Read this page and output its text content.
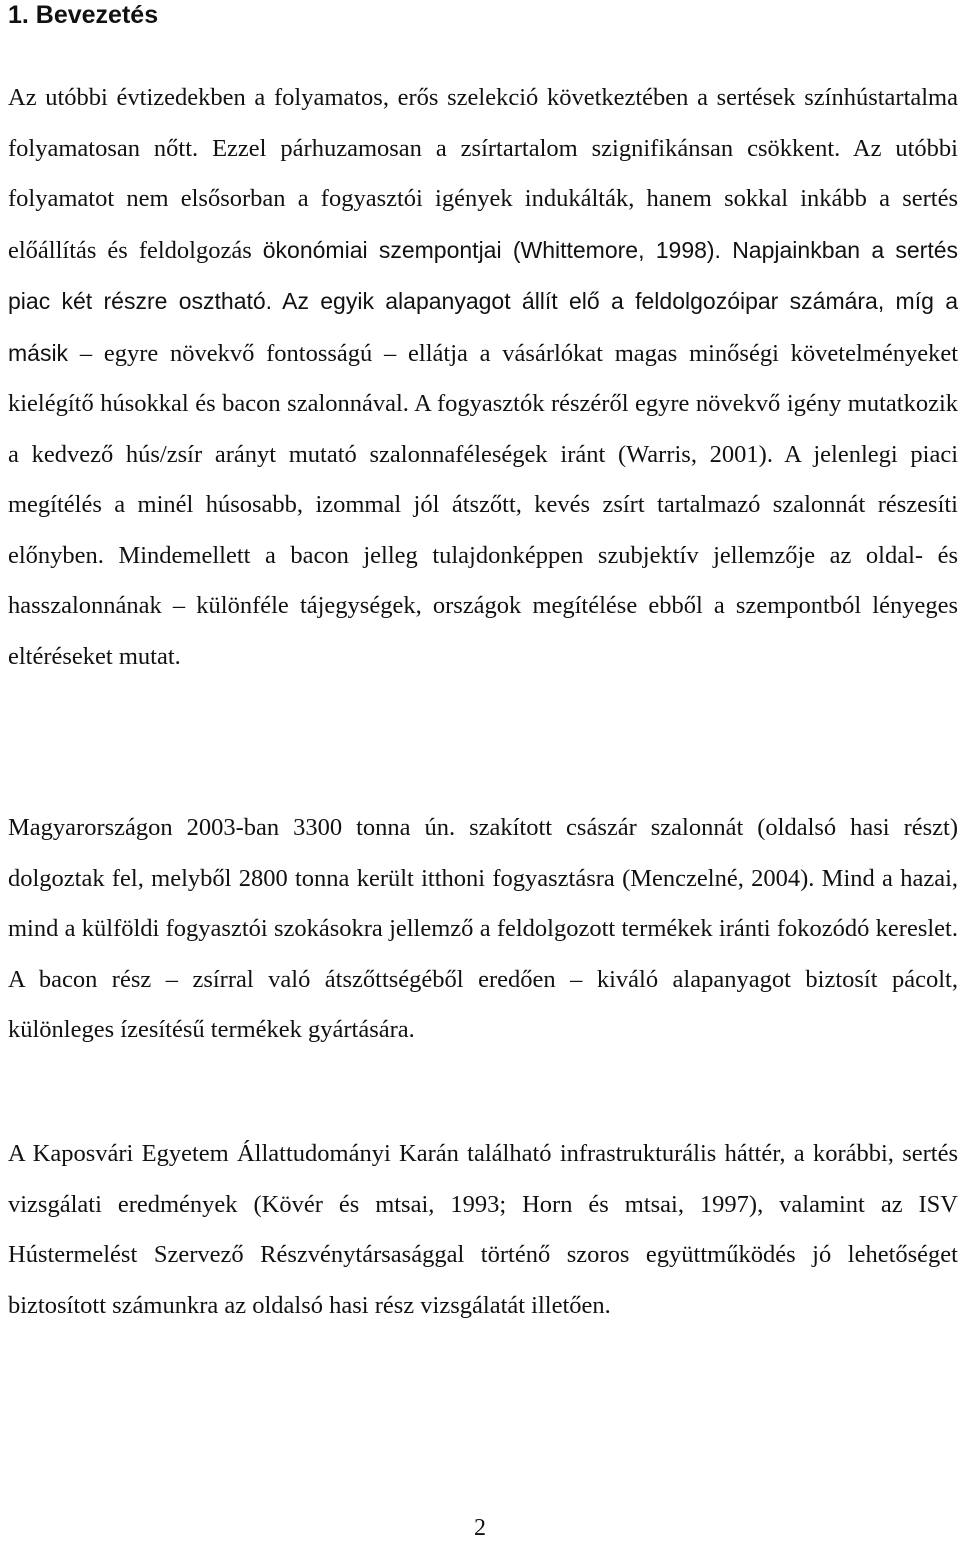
1. Bevezetés

Az utóbbi évtizedekben a folyamatos, erős szelekció következtében a sertések színhústartalma folyamatosan nőtt. Ezzel párhuzamosan a zsírtartalom szignifikánsan csökkent. Az utóbbi folyamatot nem elsősorban a fogyasztói igények indukálták, hanem sokkal inkább a sertés előállítás és feldolgozás ökonómiai szempontjai (Whittemore, 1998). Napjainkban a sertés piac két részre osztható. Az egyik alapanyagot állít elő a feldolgozóipar számára, míg a másik – egyre növekvő fontosságú – ellátja a vásárlókat magas minőségi követelményeket kielégítő húsokkal és bacon szalonnával. A fogyasztók részéről egyre növekvő igény mutatkozik a kedvező hús/zsír arányt mutató szalonnaféleségek iránt (Warris, 2001). A jelenlegi piaci megítélés a minél húsosabb, izommal jól átszőtt, kevés zsírt tartalmazó szalonnát részesíti előnyben. Mindemellett a bacon jelleg tulajdonképpen szubjektív jellemzője az oldal- és hasszalonnának – különféle tájegységek, országok megítélése ebből a szempontból lényeges eltéréseket mutat.

Magyarországon 2003-ban 3300 tonna ún. szakított császár szalonnát (oldalsó hasi részt) dolgoztak fel, melyből 2800 tonna került itthoni fogyasztásra (Menczelné, 2004). Mind a hazai, mind a külföldi fogyasztói szokásokra jellemző a feldolgozott termékek iránti fokozódó kereslet. A bacon rész – zsírral való átszőttségéből eredően – kiváló alapanyagot biztosít pácolt, különleges ízesítésű termékek gyártására.

A Kaposvári Egyetem Állattudományi Karán található infrastrukturális háttér, a korábbi, sertés vizsgálati eredmények (Kövér és mtsai, 1993; Horn és mtsai, 1997), valamint az ISV Hústermelést Szervező Részvénytársasággal történő szoros együttműködés jó lehetőséget biztosított számunkra az oldalsó hasi rész vizsgálatát illetően.

2
